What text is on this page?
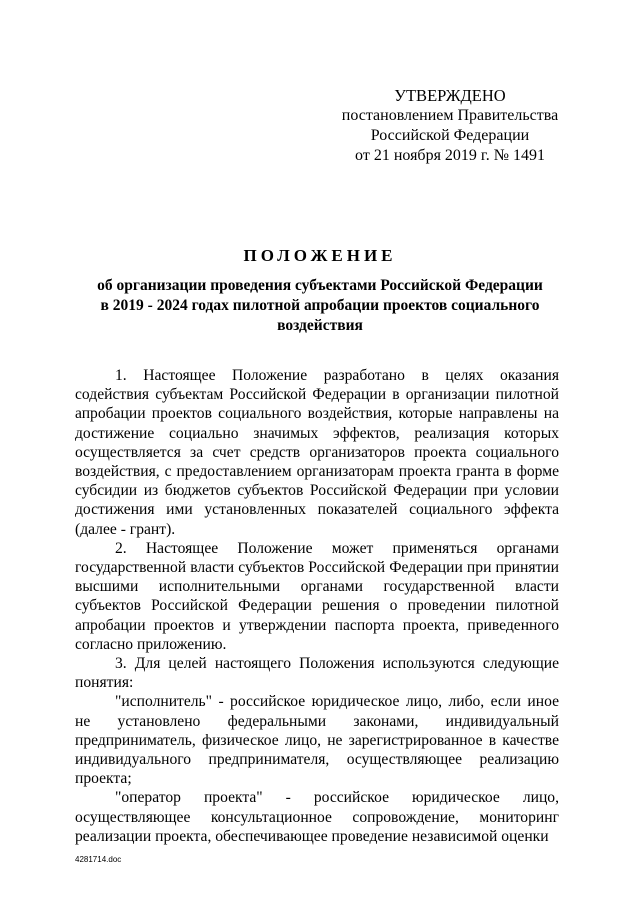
УТВЕРЖДЕНО
постановлением Правительства
Российской Федерации
от 21 ноября 2019 г. № 1491
ПОЛОЖЕНИЕ
об организации проведения субъектами Российской Федерации
в 2019 - 2024 годах пилотной апробации проектов социального
воздействия

1. Настоящее Положение разработано в целях оказания содействия субъектам Российской Федерации в организации пилотной апробации проектов социального воздействия, которые направлены на достижение социально значимых эффектов, реализация которых осуществляется за счет средств организаторов проекта социального воздействия, с предоставлением организаторам проекта гранта в форме субсидии из бюджетов субъектов Российской Федерации при условии достижения ими установленных показателей социального эффекта (далее - грант).

2. Настоящее Положение может применяться органами государственной власти субъектов Российской Федерации при принятии высшими исполнительными органами государственной власти субъектов Российской Федерации решения о проведении пилотной апробации проектов и утверждении паспорта проекта, приведенного согласно приложению.

3. Для целей настоящего Положения используются следующие понятия:

"исполнитель" - российское юридическое лицо, либо, если иное не установлено федеральными законами, индивидуальный предприниматель, физическое лицо, не зарегистрированное в качестве индивидуального предпринимателя, осуществляющее реализацию проекта;

"оператор проекта" - российское юридическое лицо, осуществляющее консультационное сопровождение, мониторинг реализации проекта, обеспечивающее проведение независимой оценки

4281714.doc
